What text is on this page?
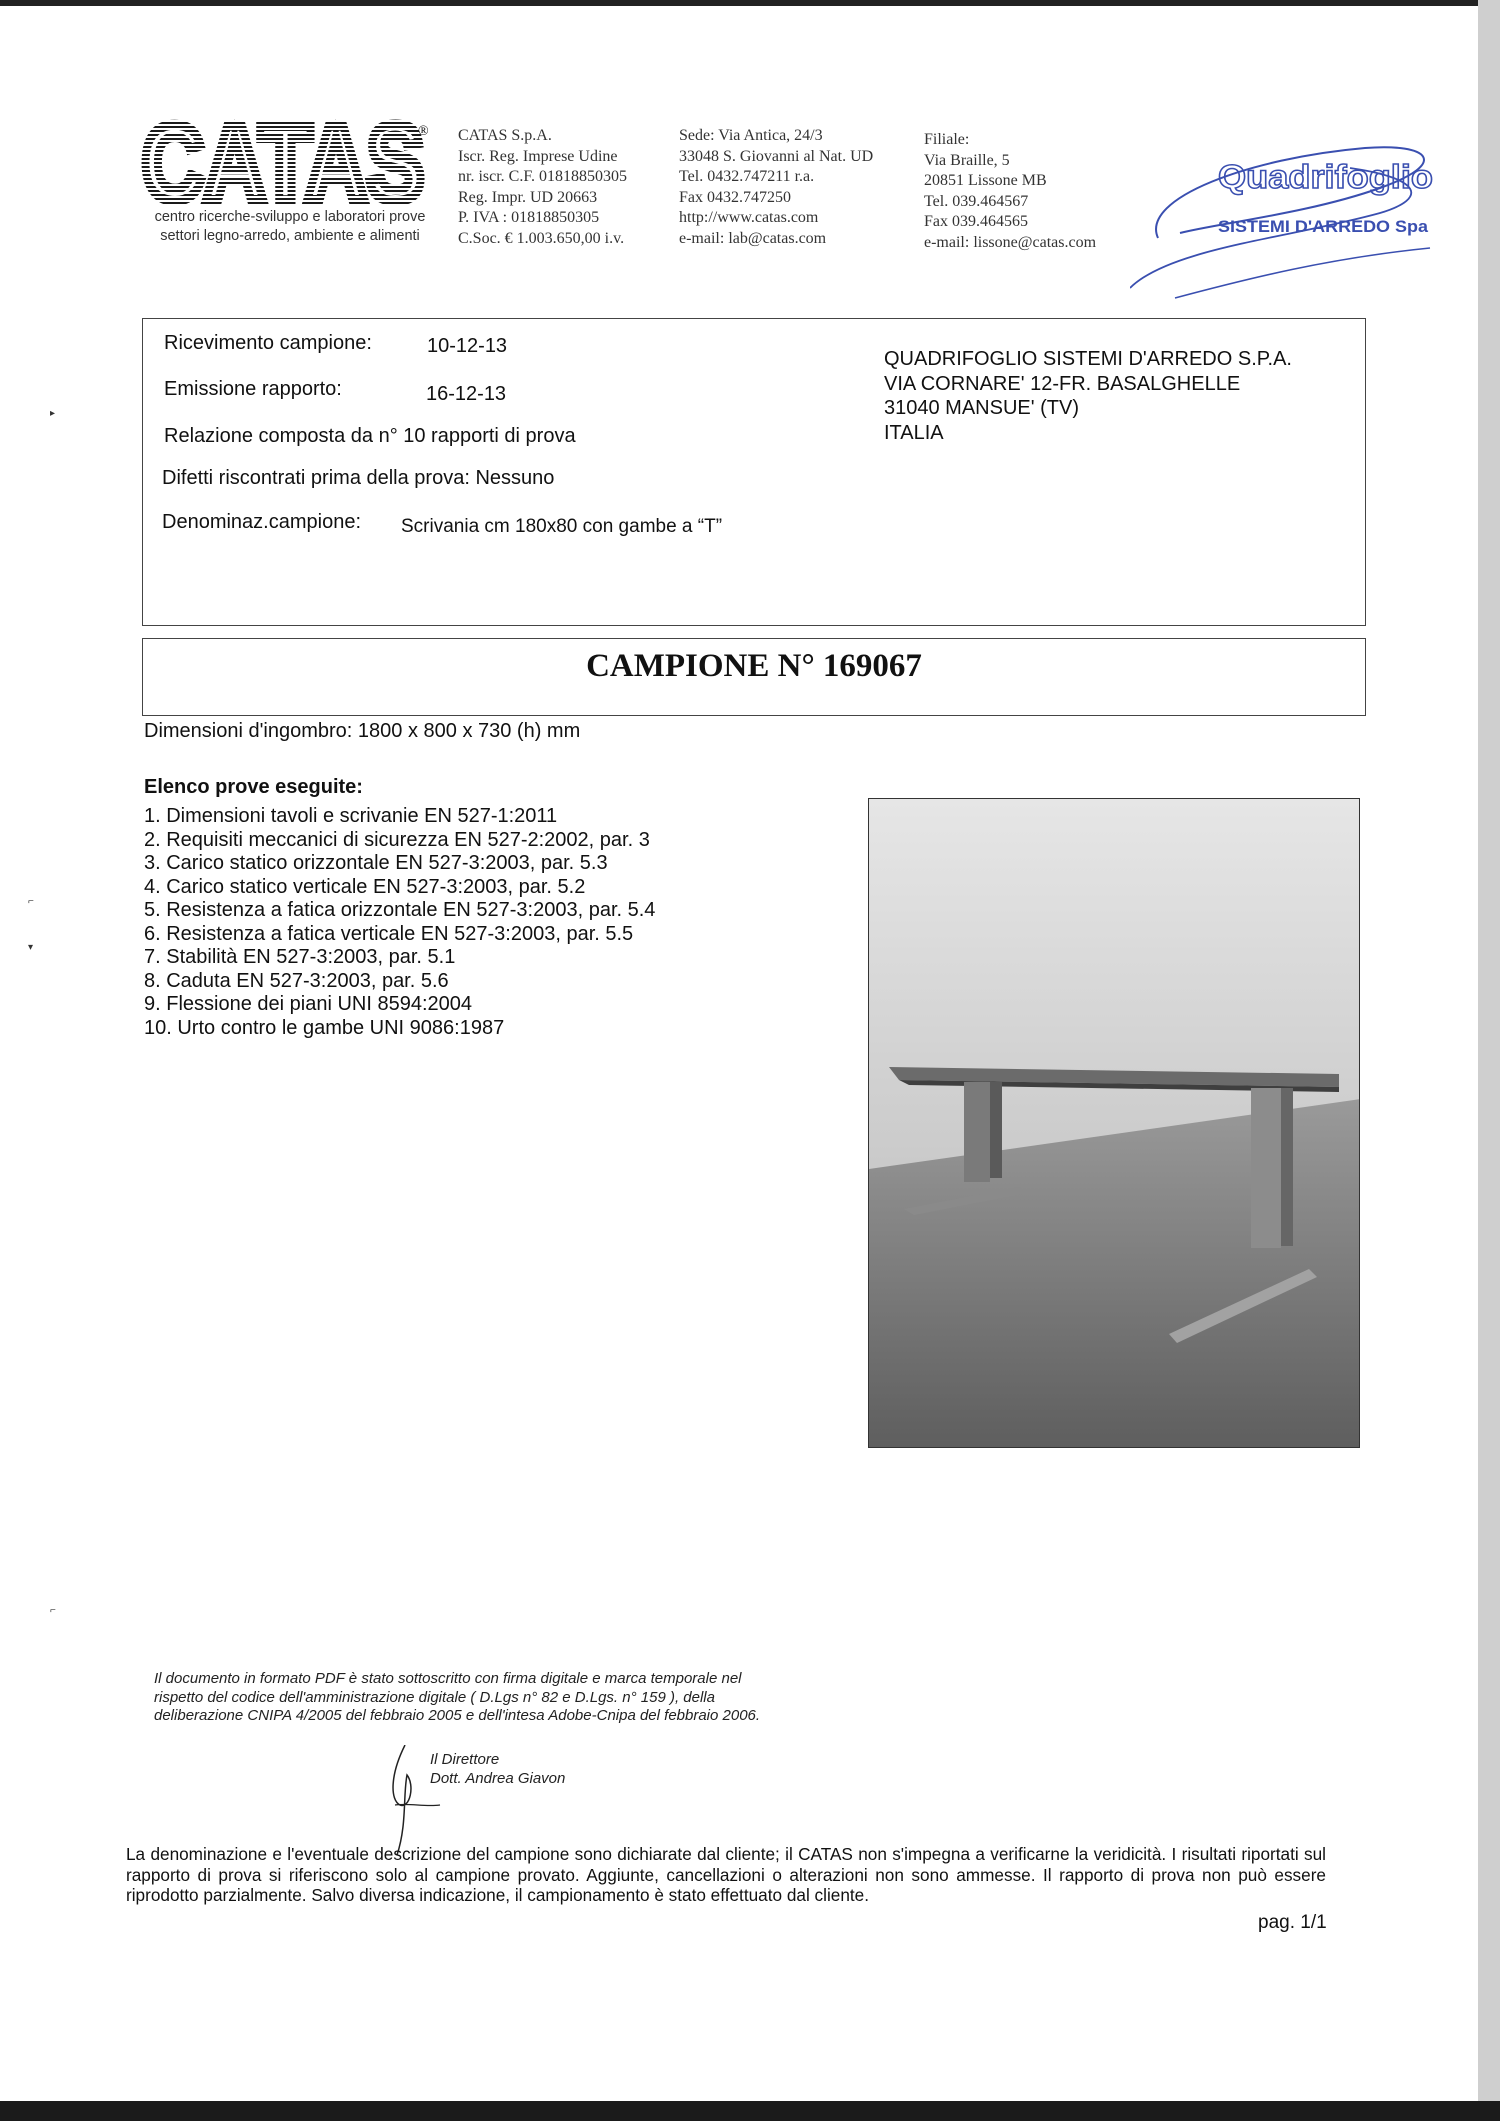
CATAS
centro ricerche-sviluppo e laboratori prove
settori legno-arredo, ambiente e alimenti
® CATAS S.p.A.
Iscr. Reg. Imprese Udine
nr. iscr. C.F. 01818850305
Reg. Impr. UD 20663
P. IVA : 01818850305
C.Soc. € 1.003.650,00 i.v.
Sede: Via Antica, 24/3
33048 S. Giovanni al Nat. UD
Tel. 0432.747211 r.a.
Fax 0432.747250
http://www.catas.com
e-mail: lab@catas.com
Filiale:
Via Braille, 5
20851 Lissone MB
Tel. 039.464567
Fax 039.464565
e-mail: lissone@catas.com
Quadrifoglio
SISTEMI D'ARREDO Spa
Ricevimento campione:	10-12-13
Emissione rapporto:	16-12-13
Relazione composta da n° 10 rapporti di prova
Difetti riscontrati prima della prova: Nessuno
Denominaz.campione: Scrivania cm 180x80 con gambe a “T”
QUADRIFOGLIO SISTEMI D'ARREDO S.P.A.
VIA CORNARE' 12-FR. BASALGHELLE
31040 MANSUE' (TV)
ITALIA
CAMPIONE N° 169067
Dimensioni d'ingombro: 1800 x 800 x 730 (h) mm
Elenco prove eseguite:
1. Dimensioni tavoli e scrivanie EN 527-1:2011
2. Requisiti meccanici di sicurezza EN 527-2:2002, par. 3
3. Carico statico orizzontale EN 527-3:2003, par. 5.3
4. Carico statico verticale EN 527-3:2003, par. 5.2
5. Resistenza a fatica orizzontale EN 527-3:2003, par. 5.4
6. Resistenza a fatica verticale EN 527-3:2003, par. 5.5
7. Stabilità EN 527-3:2003, par. 5.1
8. Caduta EN 527-3:2003, par. 5.6
9. Flessione dei piani UNI 8594:2004
10. Urto contro le gambe UNI 9086:1987
Il documento in formato PDF è stato sottoscritto con firma digitale e marca temporale nel rispetto del codice dell'amministrazione digitale ( D.Lgs n° 82 e D.Lgs. n° 159 ), della deliberazione CNIPA 4/2005 del febbraio 2005 e dell'intesa Adobe-Cnipa del febbraio 2006.
Il Direttore
Dott. Andrea Giavon
La denominazione e l'eventuale descrizione del campione sono dichiarate dal cliente; il CATAS non s'impegna a verificarne la veridicità. I risultati riportati sul rapporto di prova si riferiscono solo al campione provato. Aggiunte, cancellazioni o alterazioni non sono ammesse. Il rapporto di prova non può essere riprodotto parzialmente. Salvo diversa indicazione, il campionamento è stato effettuato dal cliente.
pag. 1/1
▸
⌐
▾
⌐
